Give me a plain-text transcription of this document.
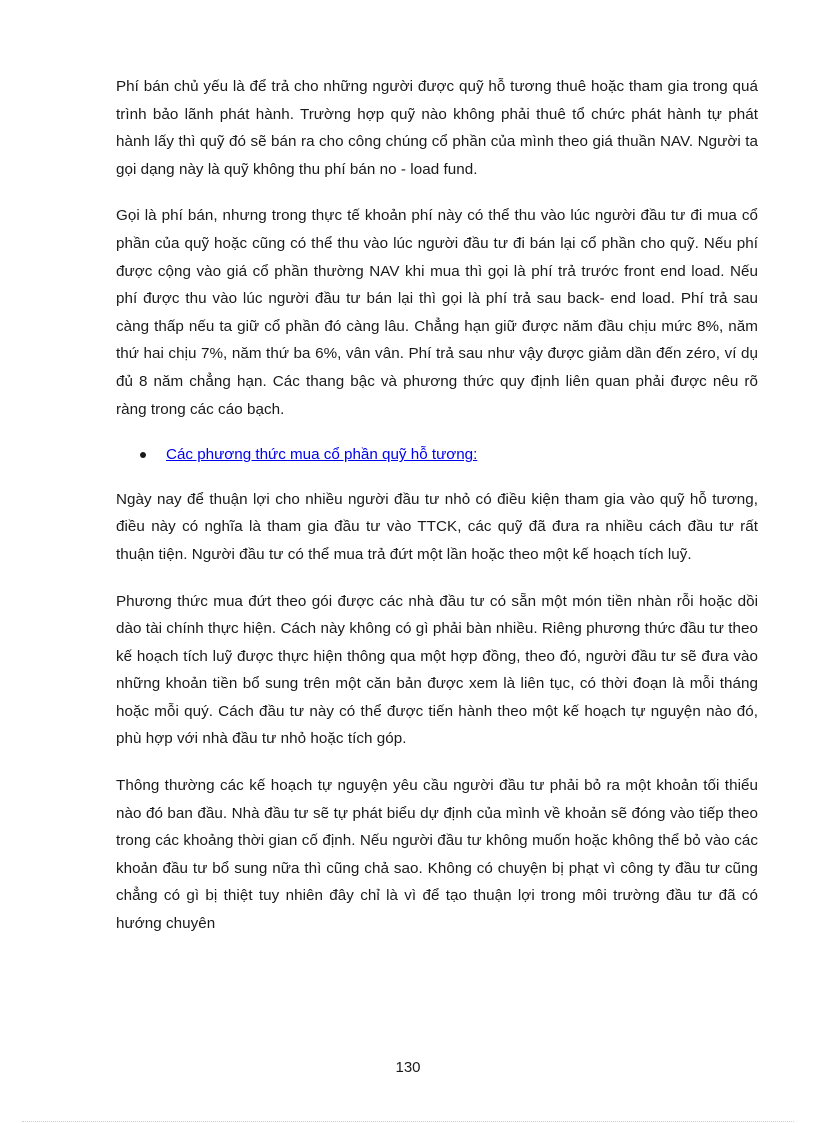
Phí bán chủ yếu là để trả cho những người được quỹ hỗ tương thuê hoặc tham gia trong quá trình bảo lãnh phát hành. Trường hợp quỹ nào không phải thuê tổ chức phát hành tự phát hành lấy thì quỹ đó sẽ bán ra cho công chúng cổ phần của mình theo giá thuần NAV. Người ta gọi dạng này là quỹ không thu phí bán no - load fund.

Gọi là phí bán, nhưng trong thực tế khoản phí này có thể thu vào lúc người đầu tư đi mua cổ phần của quỹ hoặc cũng có thể thu vào lúc người đầu tư đi bán lại cổ phần cho quỹ. Nếu phí được cộng vào giá cổ phần thường NAV khi mua thì gọi là phí trả trước front end load. Nếu phí được thu vào lúc người đầu tư bán lại thì gọi là phí trả sau back- end load. Phí trả sau càng thấp nếu ta giữ cổ phần đó càng lâu. Chẳng hạn giữ được năm đầu chịu mức 8%, năm thứ hai chịu 7%, năm thứ ba 6%, vân vân. Phí trả sau như vậy được giảm dần đến zéro, ví dụ đủ 8 năm chẳng hạn. Các thang bậc và phương thức quy định liên quan phải được nêu rõ ràng trong các cáo bạch.

Các phương thức mua cổ phần quỹ hỗ tương:

Ngày nay để thuận lợi cho nhiều người đầu tư nhỏ có điều kiện tham gia vào quỹ hỗ tương, điều này có nghĩa là tham gia đầu tư vào TTCK, các quỹ đã đưa ra nhiều cách đầu tư rất thuận tiện. Người đầu tư có thể mua trả đứt một lần hoặc theo một kế hoạch tích luỹ.

Phương thức mua đứt theo gói được các nhà đầu tư có sẵn một món tiền nhàn rỗi hoặc dồi dào tài chính thực hiện. Cách này không có gì phải bàn nhiều. Riêng phương thức đầu tư theo kế hoạch tích luỹ được thực hiện thông qua một hợp đồng, theo đó, người đầu tư sẽ đưa vào những khoản tiền bổ sung trên một căn bản được xem là liên tục, có thời đoạn là mỗi tháng hoặc mỗi quý. Cách đầu tư này có thể được tiến hành theo một kế hoạch tự nguyện nào đó, phù hợp với nhà đầu tư nhỏ hoặc tích góp.

Thông thường các kế hoạch tự nguyện yêu cầu người đầu tư phải bỏ ra một khoản tối thiểu nào đó ban đầu. Nhà đầu tư sẽ tự phát biểu dự định của mình về khoản sẽ đóng vào tiếp theo trong các khoảng thời gian cố định. Nếu người đầu tư không muốn hoặc không thể bỏ vào các khoản đầu tư bổ sung nữa thì cũng chả sao. Không có chuyện bị phạt vì công ty đầu tư cũng chẳng có gì bị thiệt tuy nhiên đây chỉ là vì để tạo thuận lợi trong môi trường đầu tư đã có hướng chuyên

130
